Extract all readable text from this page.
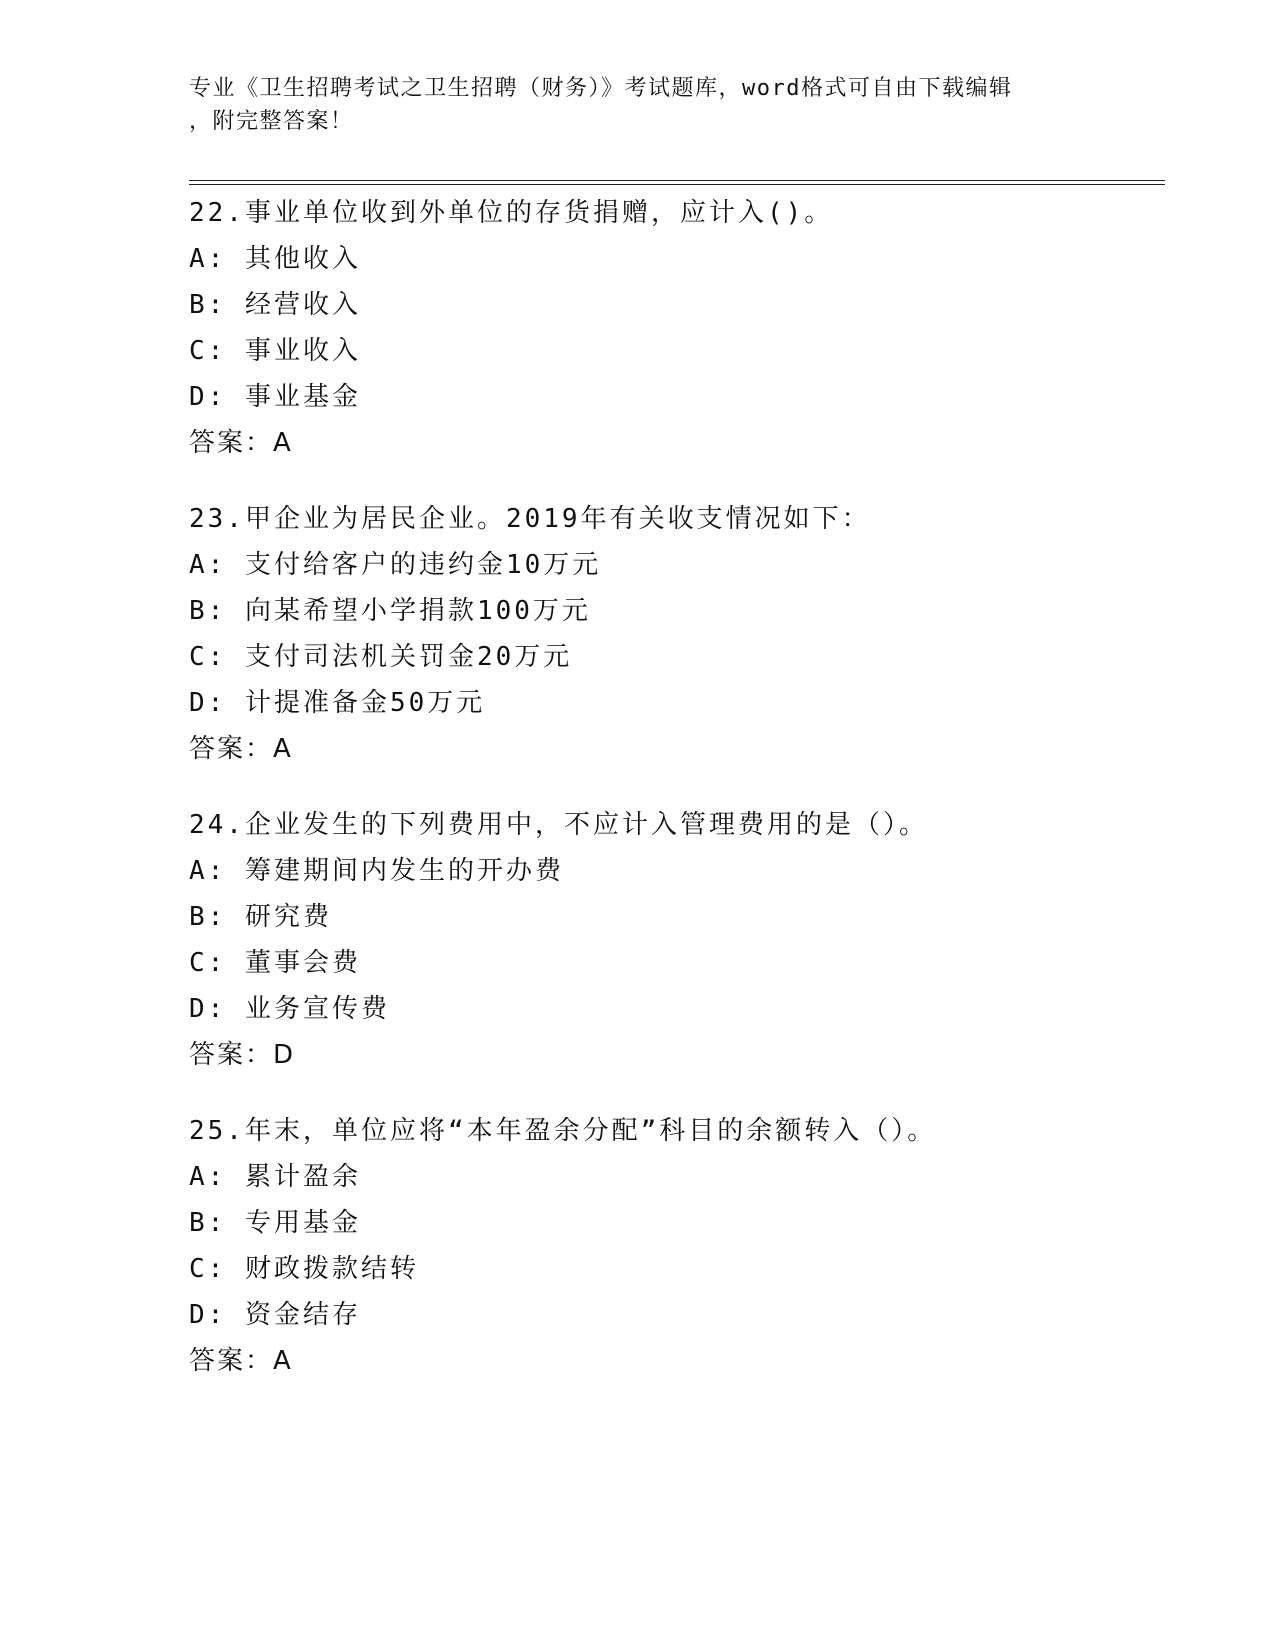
专业《卫生招聘考试之卫生招聘（财务）》考试题库，word格式可自由下载编辑
，附完整答案！
22.事业单位收到外单位的存货捐赠，应计入()。
A: 其他收入
B: 经营收入
C: 事业收入
D: 事业基金
答案：A
23.甲企业为居民企业。2019年有关收支情况如下：
A: 支付给客户的违约金10万元
B: 向某希望小学捐款100万元
C: 支付司法机关罚金20万元
D: 计提准备金50万元
答案：A
24.企业发生的下列费用中，不应计入管理费用的是（）。
A: 筹建期间内发生的开办费
B: 研究费
C: 董事会费
D: 业务宣传费
答案：D
25.年末，单位应将“本年盈余分配”科目的余额转入（）。
A: 累计盈余
B: 专用基金
C: 财政拨款结转
D: 资金结存
答案：A
